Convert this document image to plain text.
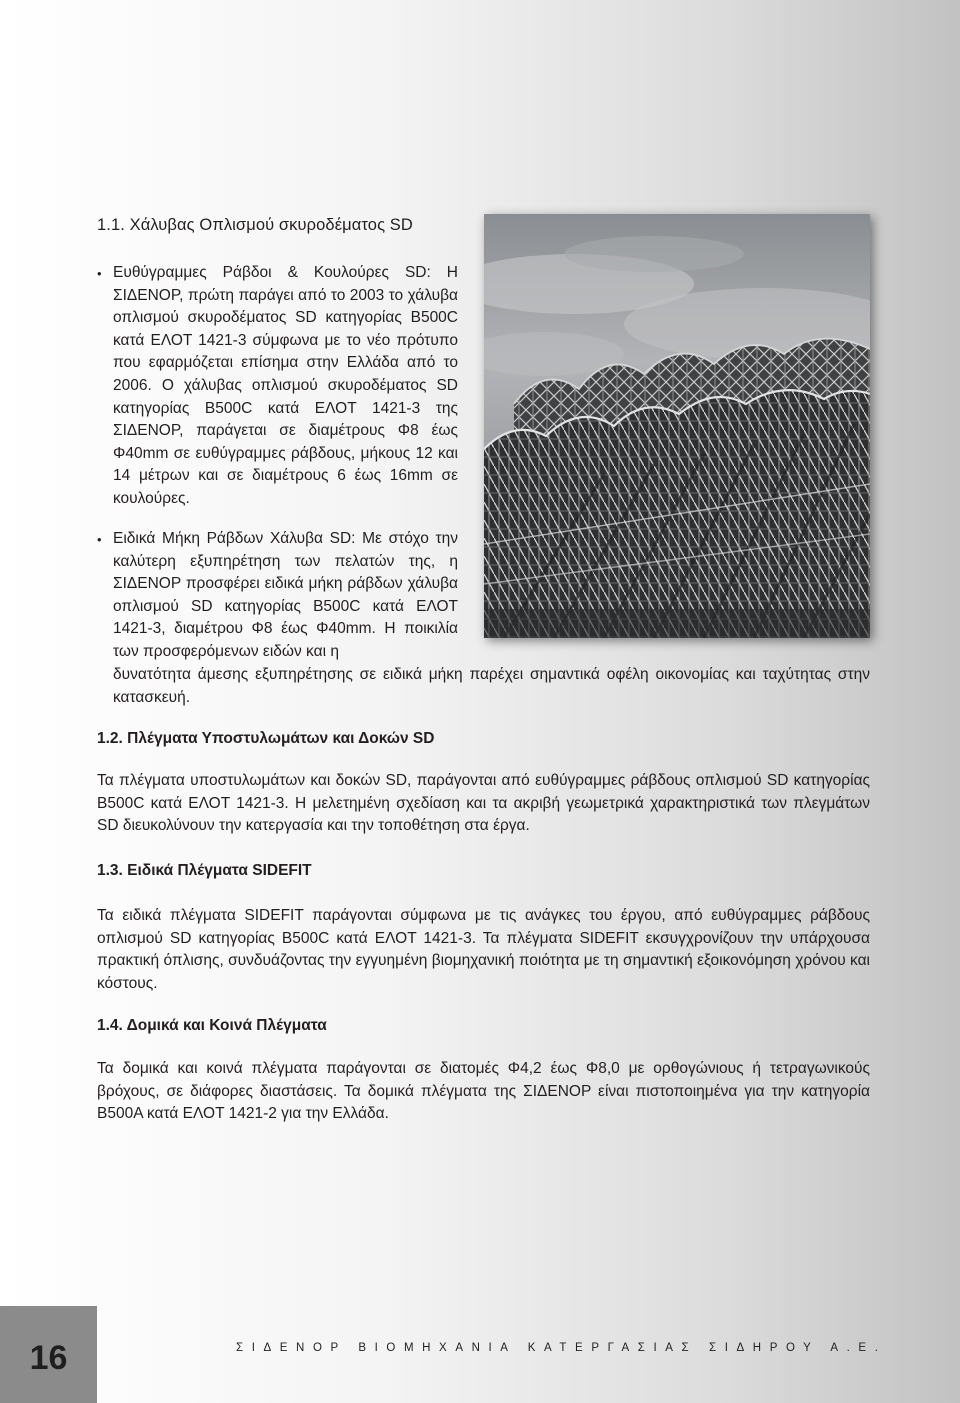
1.1. Χάλυβας Οπλισμού σκυροδέματος SD
• Ευθύγραμμες Ράβδοι & Κουλούρες SD: Η ΣΙΔΕΝΟΡ, πρώτη παράγει από το 2003 το χάλυβα οπλισμού σκυροδέματος SD κατηγορίας B500C κατά ΕΛΟΤ 1421-3 σύμφωνα με το νέο πρότυπο που εφαρμόζεται επίσημα στην Ελλάδα από το 2006. Ο χάλυβας οπλισμού σκυροδέματος SD κατηγορίας B500C κατά ΕΛΟΤ 1421-3 της ΣΙΔΕΝΟΡ, παράγεται σε διαμέτρους Φ8 έως Φ40mm σε ευθύγραμμες ράβδους, μήκους 12 και 14 μέτρων και σε διαμέτρους 6 έως 16mm σε κουλούρες.

• Ειδικά Μήκη Ράβδων Χάλυβα SD: Με στόχο την καλύτερη εξυπηρέτηση των πελατών της, η ΣΙΔΕΝΟΡ προσφέρει ειδικά μήκη ράβδων χάλυβα οπλισμού SD κατηγορίας B500C κατά ΕΛΟΤ 1421-3, διαμέτρου Φ8 έως Φ40mm. Η ποικιλία των προσφερόμενων ειδών και η

δυνατότητα άμεσης εξυπηρέτησης σε ειδικά μήκη παρέχει σημαντικά οφέλη οικονομίας και ταχύτητας στην κατασκευή.

1.2. Πλέγματα Υποστυλωμάτων και Δοκών SD

Τα πλέγματα υποστυλωμάτων και δοκών SD, παράγονται από ευθύγραμμες ράβδους οπλισμού SD κατηγορίας B500C κατά ΕΛΟΤ 1421-3. Η μελετημένη σχεδίαση και τα ακριβή γεωμετρικά χαρακτηριστικά των πλεγμάτων SD διευκολύνουν την κατεργασία και την τοποθέτηση στα έργα.

1.3. Ειδικά Πλέγματα SIDEFIT

Τα ειδικά πλέγματα SIDEFIT παράγονται σύμφωνα με τις ανάγκες του έργου, από ευθύγραμμες ράβδους οπλισμού SD κατηγορίας B500C κατά ΕΛΟΤ 1421-3. Τα πλέγματα SIDEFIT εκσυγχρονίζουν την υπάρχουσα πρακτική όπλισης, συνδυάζοντας την εγγυημένη βιομηχανική ποιότητα με τη σημαντική εξοικονόμηση χρόνου και κόστους.

1.4. Δομικά και Κοινά Πλέγματα

Τα δομικά και κοινά πλέγματα παράγονται σε διατομές Φ4,2 έως Φ8,0 με ορθογώνιους ή τετραγωνικούς βρόχους, σε διάφορες διαστάσεις. Τα δομικά πλέγματα της ΣΙΔΕΝΟΡ είναι πιστοποιημένα για την κατηγορία B500A κατά ΕΛΟΤ 1421-2 για την Ελλάδα.

16	ΣΙΔΕΝΟΡ ΒΙΟΜΗΧΑΝΙΑ ΚΑΤΕΡΓΑΣΙΑΣ ΣΙΔΗΡΟΥ Α.Ε.
